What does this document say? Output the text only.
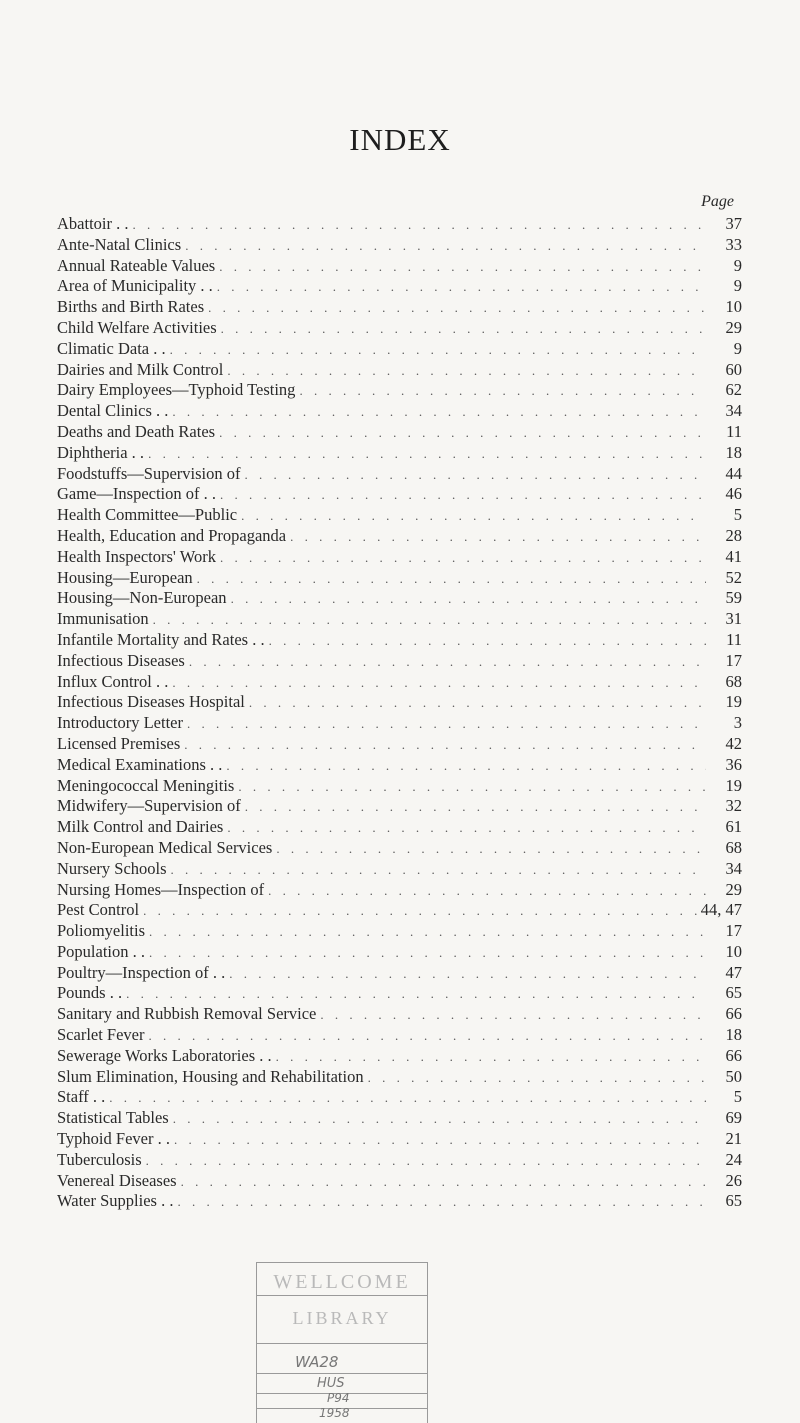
INDEX
Page
Abattoir . . . . .	37
Ante-Natal Clinics . . .	33
Annual Rateable Values . . .	9
Area of Municipality . . . . .	9
Births and Birth Rates . . .	10
Child Welfare Activities . . .	29
Climatic Data . . . . .	9
Dairies and Milk Control . . .	60
Dairy Employees—Typhoid Testing . . .	62
Dental Clinics . . . . .	34
Deaths and Death Rates . . .	11
Diphtheria . . . . .	18
Foodstuffs—Supervision of . . .	44
Game—Inspection of . . . . .	46
Health Committee—Public . . .	5
Health, Education and Propaganda . . .	28
Health Inspectors' Work . . .	41
Housing—European . . .	52
Housing—Non-European . . .	59
Immunisation . . .	31
Infantile Mortality and Rates . . . . .	11
Infectious Diseases . . .	17
Influx Control . . . . .	68
Infectious Diseases Hospital . . .	19
Introductory Letter . . .	3
Licensed Premises . . .	42
Medical Examinations . . . . .	36
Meningococcal Meningitis . . .	19
Midwifery—Supervision of . . .	32
Milk Control and Dairies . . .	61
Non-European Medical Services . . .	68
Nursery Schools . . .	34
Nursing Homes—Inspection of . . .	29
Pest Control . . .	44, 47
Poliomyelitis . . .	17
Population . . . . .	10
Poultry—Inspection of . . . . .	47
Pounds . . . . .	65
Sanitary and Rubbish Removal Service . . .	66
Scarlet Fever . . .	18
Sewerage Works Laboratories . . . . .	66
Slum Elimination, Housing and Rehabilitation . . .	50
Staff . . . . .	5
Statistical Tables . . .	69
Typhoid Fever . . . . .	21
Tuberculosis . . .	24
Venereal Diseases . . .	26
Water Supplies . . . . .	65
WELLCOME
LIBRARY
WA28
HUS
P94
1958
